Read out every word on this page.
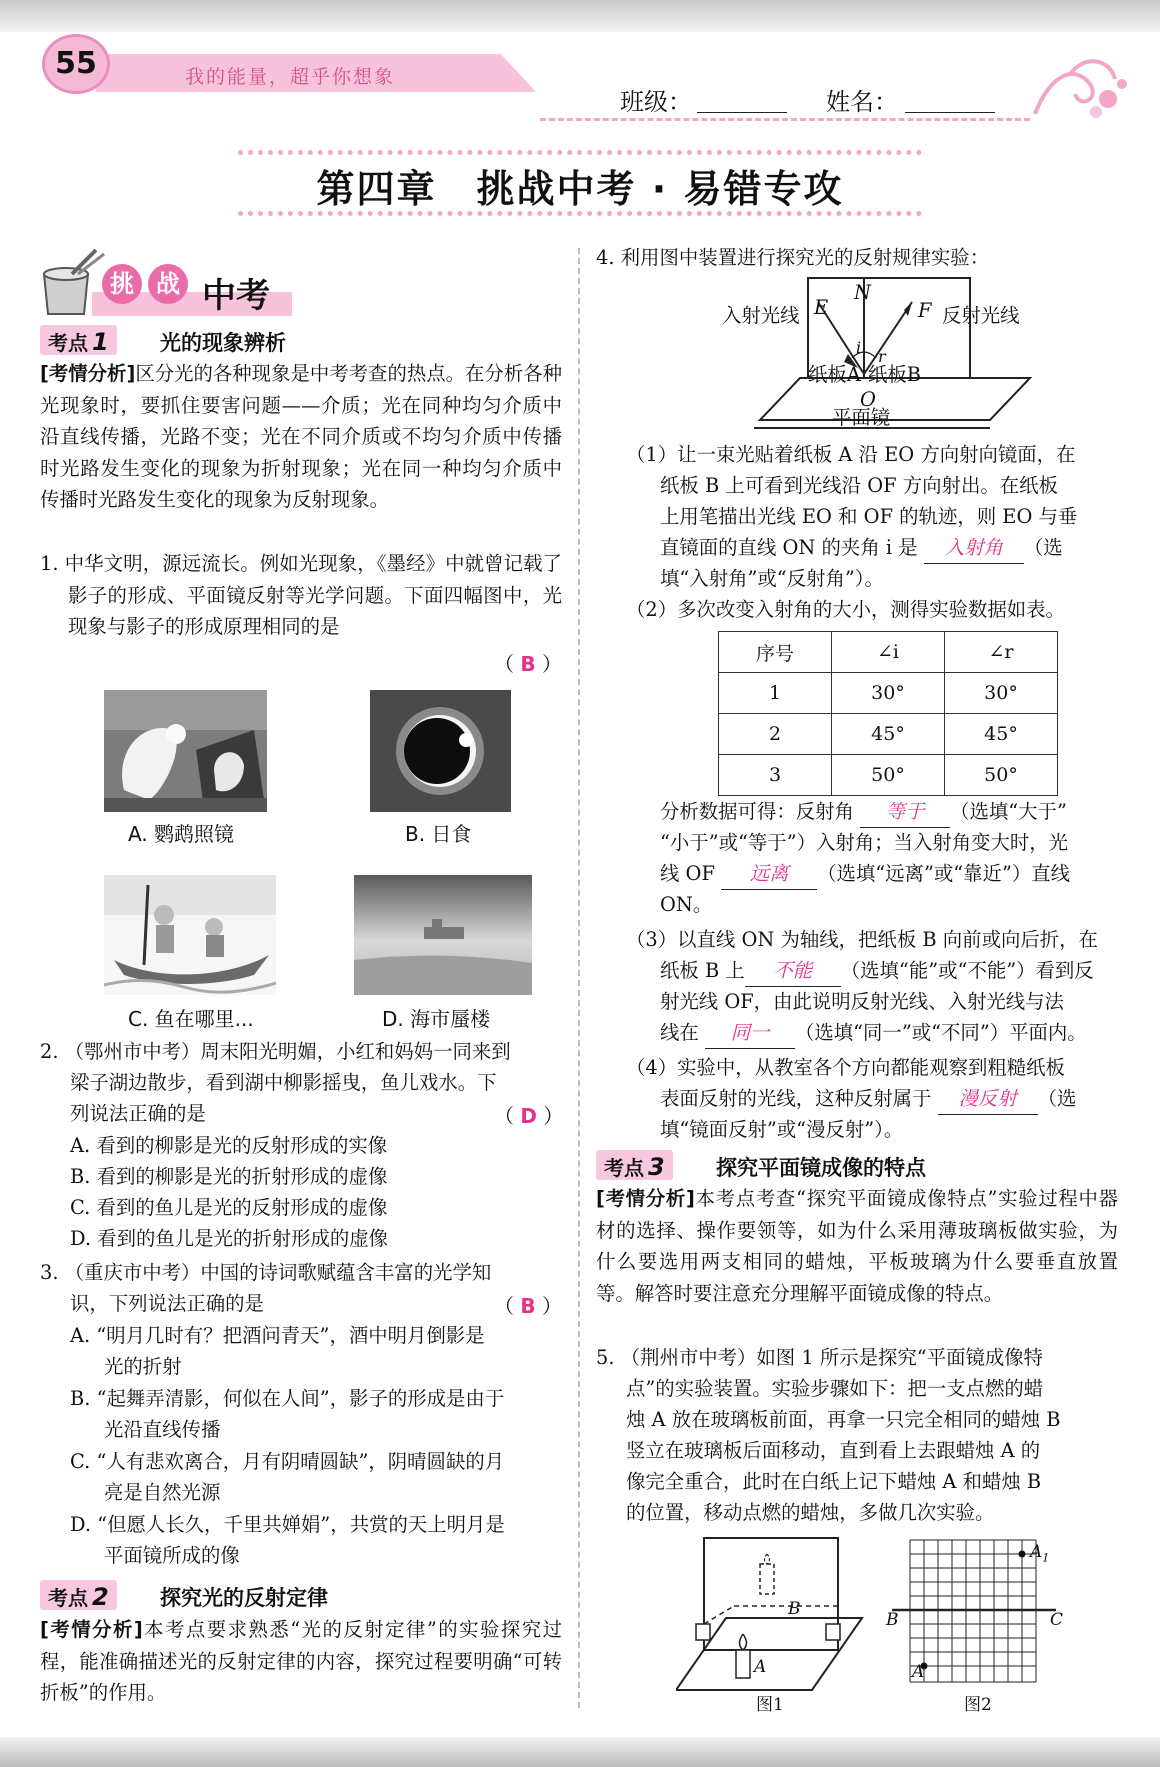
55	我的能量，超乎你想象
班级：	姓名：
第四章　挑战中考 · 易错专攻
挑 战 中考
考点 1	光的现象辨析
[考情分析]区分光的各种现象是中考考查的热点。在分析各种光现象时，要抓住要害问题——介质；光在同种均匀介质中沿直线传播，光路不变；光在不同介质或不均匀介质中传播时光路发生变化的现象为折射现象；光在同一种均匀介质中传播时光路发生变化的现象为反射现象。
1. 中华文明，源远流长。例如光现象，《墨经》中就曾记载了影子的形成、平面镜反射等光学问题。下面四幅图中，光现象与影子的形成原理相同的是
（ B ）
A. 鹦鹉照镜	B. 日食
C. 鱼在哪里...	D. 海市蜃楼
2. （鄂州市中考）周末阳光明媚，小红和妈妈一同来到
梁子湖边散步，看到湖中柳影摇曳，鱼儿戏水。下
列说法正确的是	（ D ）
A. 看到的柳影是光的反射形成的实像
B. 看到的柳影是光的折射形成的虚像
C. 看到的鱼儿是光的反射形成的虚像
D. 看到的鱼儿是光的折射形成的虚像
3. （重庆市中考）中国的诗词歌赋蕴含丰富的光学知
识，下列说法正确的是	（ B ）
A. “明月几时有？把酒问青天”，酒中明月倒影是
光的折射
B. “起舞弄清影，何似在人间”，影子的形成是由于
光沿直线传播
C. “人有悲欢离合，月有阴晴圆缺”，阴晴圆缺的月
亮是自然光源
D. “但愿人长久，千里共婵娟”，共赏的天上明月是
平面镜所成的像
考点 2	探究光的反射定律
[考情分析]本考点要求熟悉“光的反射定律”的实验探究过程，能准确描述光的反射定律的内容，探究过程要明确“可转折板”的作用。
4. 利用图中装置进行探究光的反射规律实验：
入射光线	反射光线
E
N
F
i r
纸板A 纸板B
O
平面镜
（1）让一束光贴着纸板 A 沿 EO 方向射向镜面，在
纸板 B 上可看到光线沿 OF 方向射出。在纸板
上用笔描出光线 EO 和 OF 的轨迹，则 EO 与垂
直镜面的直线 ON 的夹角 i 是 入射角 （选
填“入射角”或“反射角”）。
（2）多次改变入射角的大小，测得实验数据如表。
序号	∠i	∠r
1	30°	30°
2	45°	45°
3	50°	50°
分析数据可得：反射角 等于 （选填“大于”
“小于”或“等于”）入射角；当入射角变大时，光
线 OF 远离 （选填“远离”或“靠近”）直线
ON。
（3）以直线 ON 为轴线，把纸板 B 向前或向后折，在
纸板 B 上 不能 （选填“能”或“不能”）看到反
射光线 OF，由此说明反射光线、入射光线与法
线在 同一 （选填“同一”或“不同”）平面内。
（4）实验中，从教室各个方向都能观察到粗糙纸板
表面反射的光线，这种反射属于 漫反射 （选
填“镜面反射”或“漫反射”）。
考点 3	探究平面镜成像的特点
[考情分析]本考点考查“探究平面镜成像特点”实验过程中器材的选择、操作要领等，如为什么采用薄玻璃板做实验，为什么要选用两支相同的蜡烛，平板玻璃为什么要垂直放置等。解答时要注意充分理解平面镜成像的特点。
5. （荆州市中考）如图 1 所示是探究“平面镜成像特
点”的实验装置。实验步骤如下：把一支点燃的蜡
烛 A 放在玻璃板前面，再拿一只完全相同的蜡烛 B
竖立在玻璃板后面移动，直到看上去跟蜡烛 A 的
像完全重合，此时在白纸上记下蜡烛 A 和蜡烛 B
的位置，移动点燃的蜡烛，多做几次实验。
B
A
图1
$A_1$
B	C
A
图2
